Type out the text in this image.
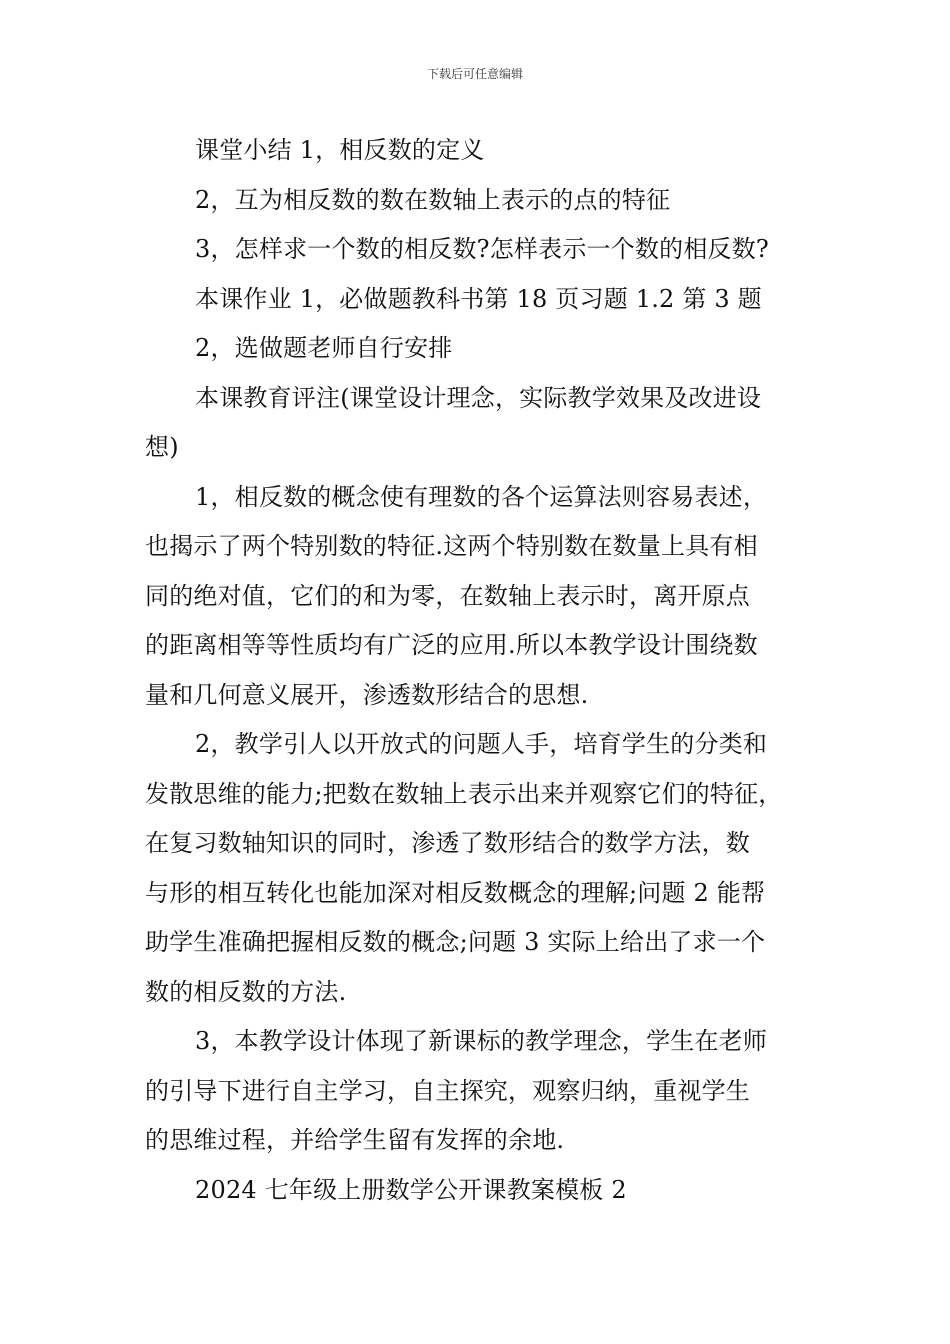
下载后可任意编辑

课堂小结 1，相反数的定义

2，互为相反数的数在数轴上表示的点的特征

3，怎样求一个数的相反数?怎样表示一个数的相反数?

本课作业 1，必做题教科书第 18 页习题 1.2 第 3 题

2，选做题老师自行安排

本课教育评注(课堂设计理念，实际教学效果及改进设

想)

1，相反数的概念使有理数的各个运算法则容易表述，

也揭示了两个特别数的特征.这两个特别数在数量上具有相

同的绝对值，它们的和为零，在数轴上表示时，离开原点

的距离相等等性质均有广泛的应用.所以本教学设计围绕数

量和几何意义展开，渗透数形结合的思想.

2，教学引人以开放式的问题人手，培育学生的分类和

发散思维的能力;把数在数轴上表示出来并观察它们的特征，

在复习数轴知识的同时，渗透了数形结合的数学方法，数

与形的相互转化也能加深对相反数概念的理解;问题 2 能帮

助学生准确把握相反数的概念;问题 3 实际上给出了求一个

数的相反数的方法.

3，本教学设计体现了新课标的教学理念，学生在老师

的引导下进行自主学习，自主探究，观察归纳，重视学生

的思维过程，并给学生留有发挥的余地.

2024 七年级上册数学公开课教案模板 2
